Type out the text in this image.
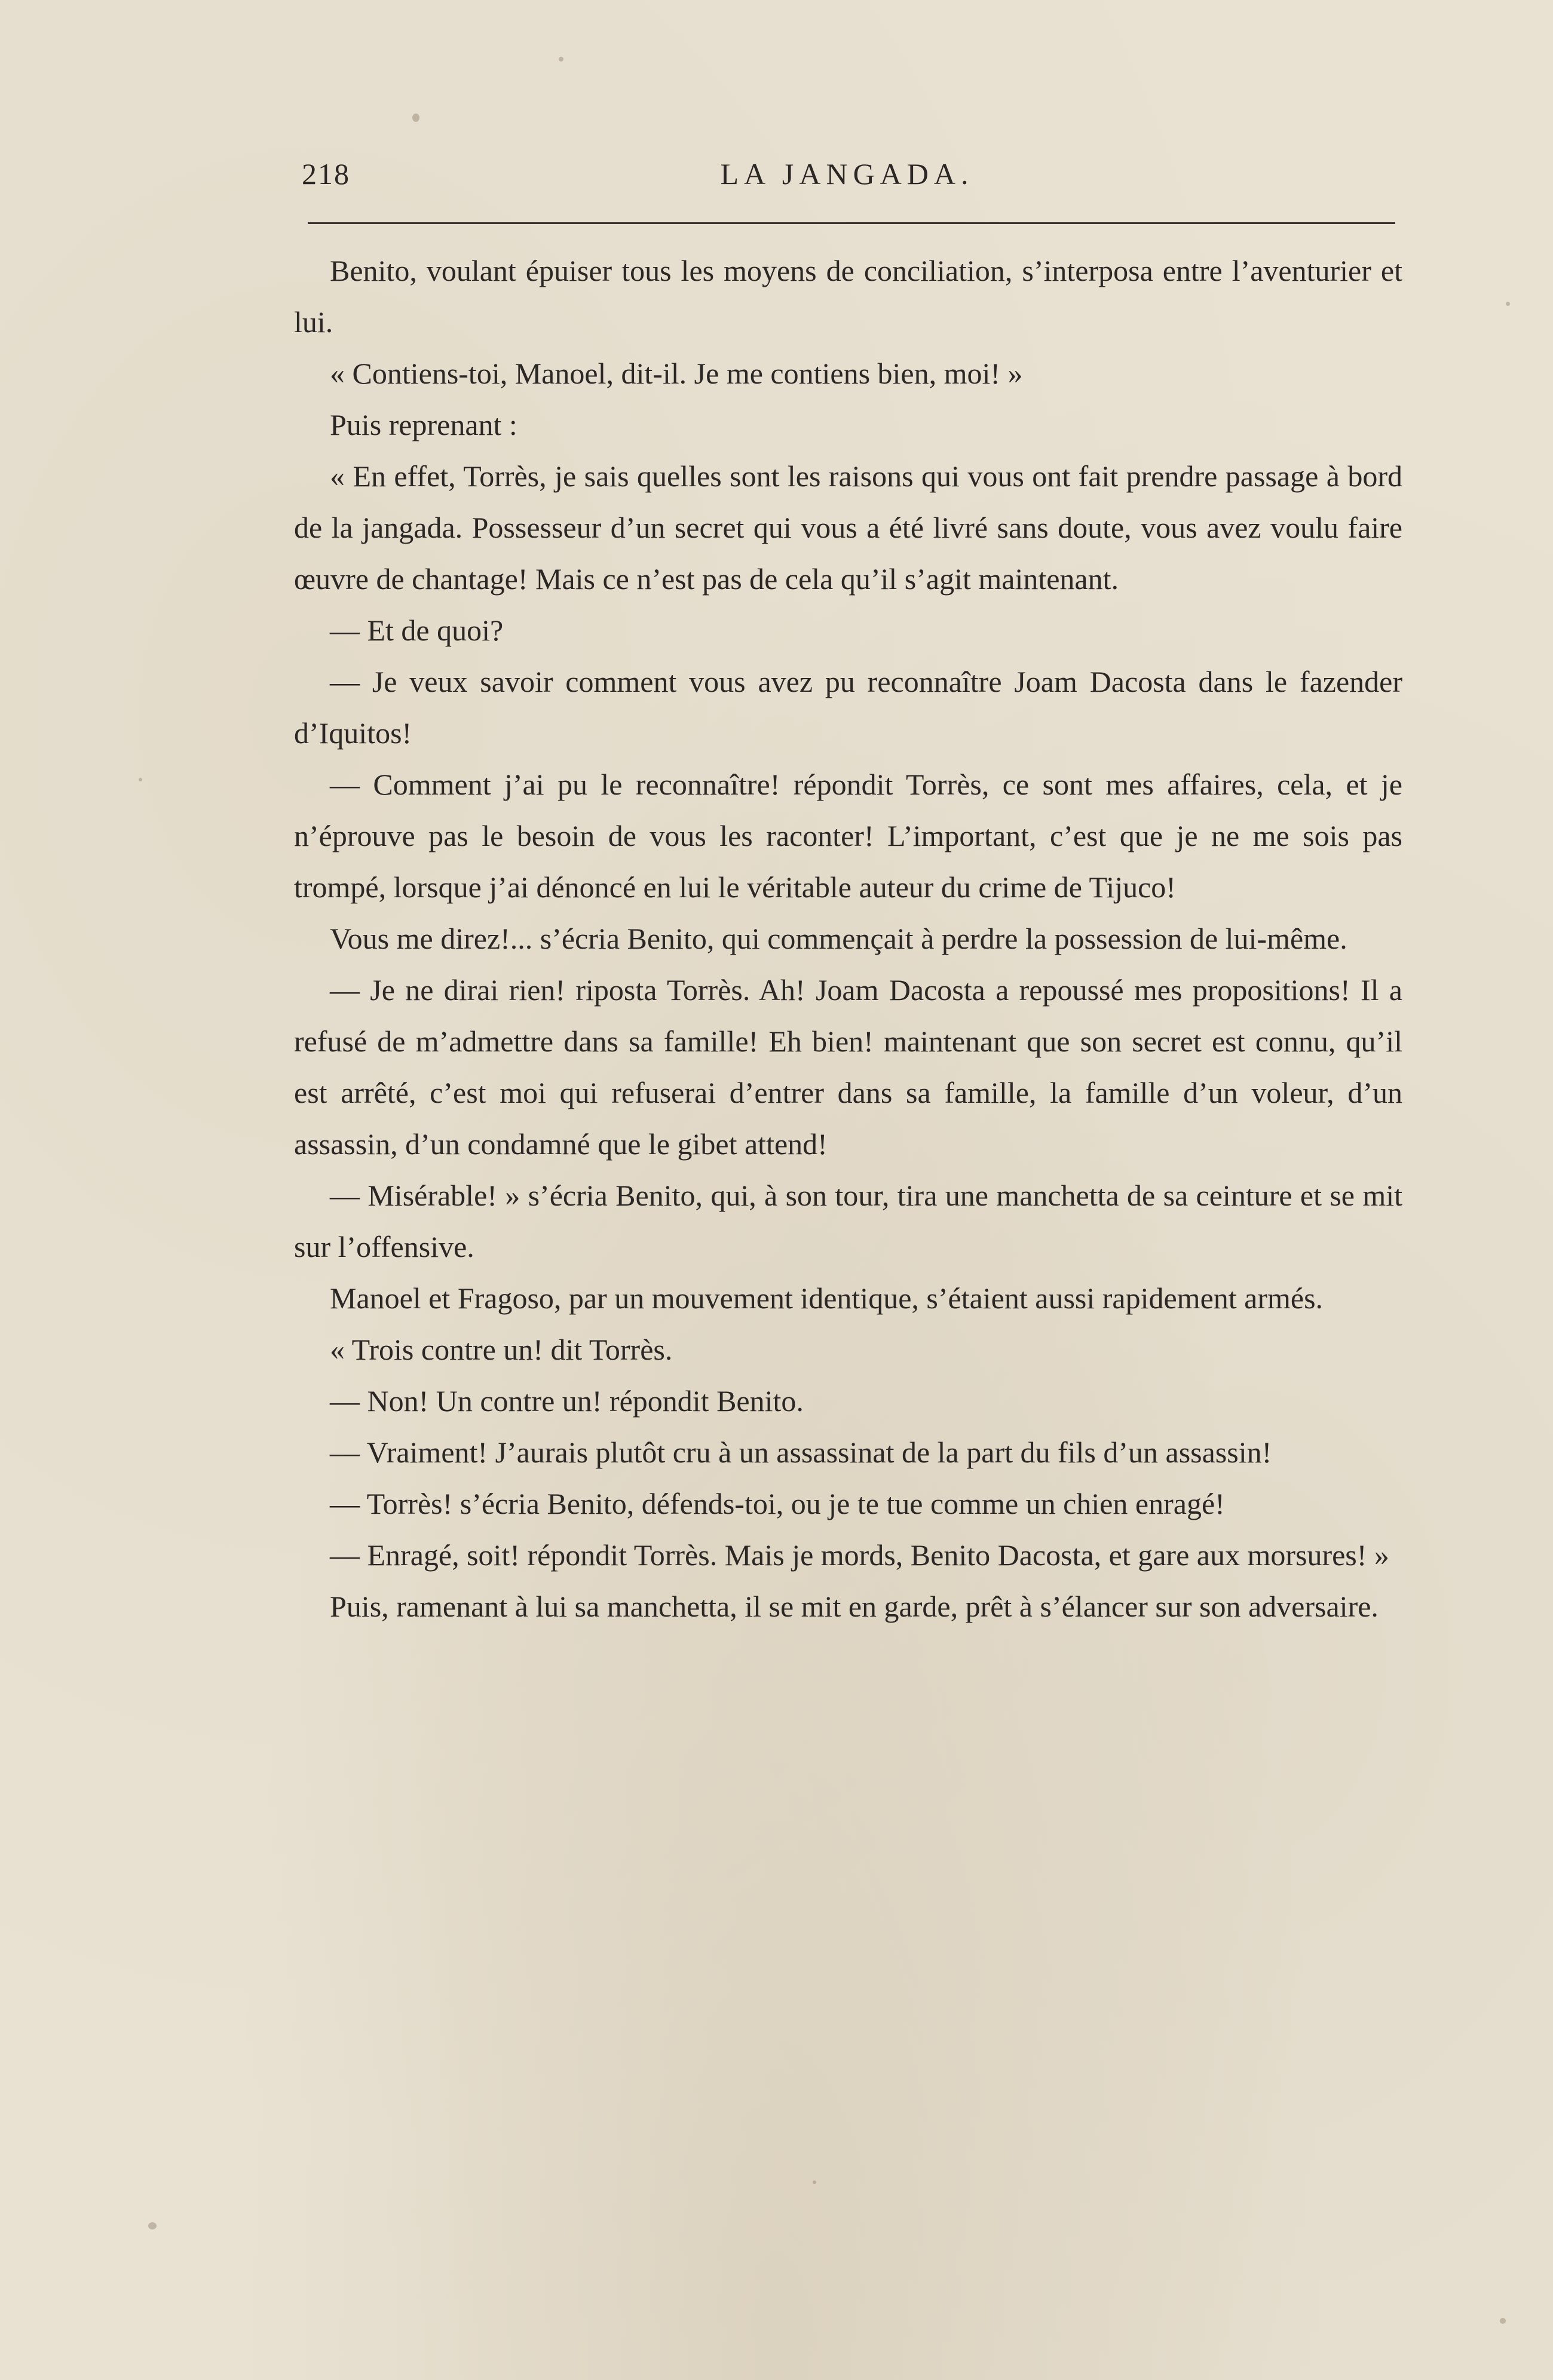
218	LA JANGADA.

Benito, voulant épuiser tous les moyens de conciliation, s’interposa entre l’aventurier et lui.

« Contiens-toi, Manoel, dit-il. Je me contiens bien, moi! »

Puis reprenant :

« En effet, Torrès, je sais quelles sont les raisons qui vous ont fait prendre passage à bord de la jangada. Possesseur d’un secret qui vous a été livré sans doute, vous avez voulu faire œuvre de chantage! Mais ce n’est pas de cela qu’il s’agit maintenant.

— Et de quoi?

— Je veux savoir comment vous avez pu reconnaître Joam Dacosta dans le fazender d’Iquitos!

— Comment j’ai pu le reconnaître! répondit Torrès, ce sont mes affaires, cela, et je n’éprouve pas le besoin de vous les raconter! L’important, c’est que je ne me sois pas trompé, lorsque j’ai dénoncé en lui le véritable auteur du crime de Tijuco!

Vous me direz!... s’écria Benito, qui commençait à perdre la possession de lui-même.

— Je ne dirai rien! riposta Torrès. Ah! Joam Dacosta a repoussé mes propositions! Il a refusé de m’admettre dans sa famille! Eh bien! maintenant que son secret est connu, qu’il est arrêté, c’est moi qui refuserai d’entrer dans sa famille, la famille d’un voleur, d’un assassin, d’un condamné que le gibet attend!

— Misérable! » s’écria Benito, qui, à son tour, tira une manchetta de sa ceinture et se mit sur l’offensive.

Manoel et Fragoso, par un mouvement identique, s’étaient aussi rapidement armés.

« Trois contre un! dit Torrès.

— Non! Un contre un! répondit Benito.

— Vraiment! J’aurais plutôt cru à un assassinat de la part du fils d’un assassin!

— Torrès! s’écria Benito, défends-toi, ou je te tue comme un chien enragé!

— Enragé, soit! répondit Torrès. Mais je mords, Benito Dacosta, et gare aux morsures! »

Puis, ramenant à lui sa manchetta, il se mit en garde, prêt à s’élancer sur son adversaire.
